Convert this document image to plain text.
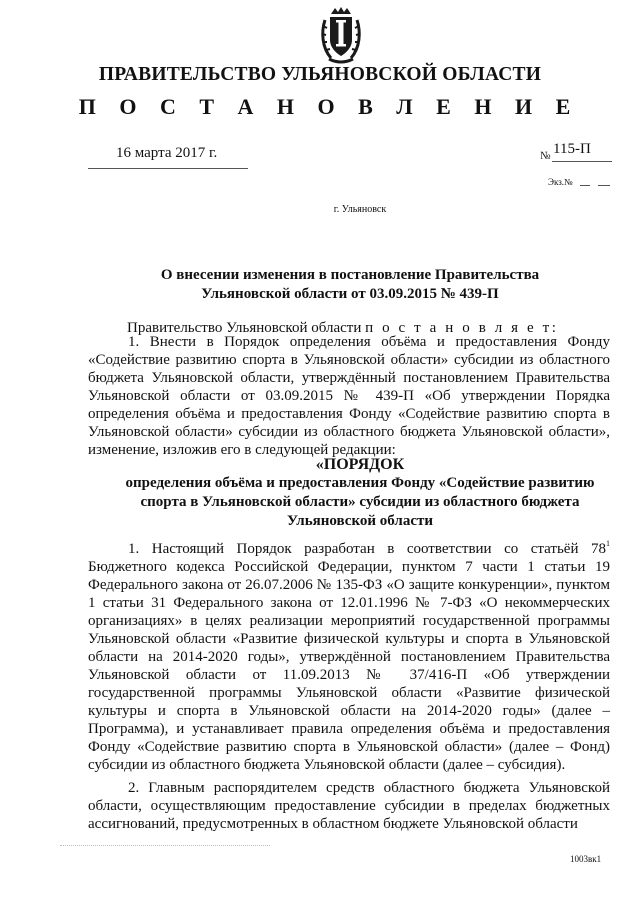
ПРАВИТЕЛЬСТВО УЛЬЯНОВСКОЙ ОБЛАСТИ
П О С Т А Н О В Л Е Н И Е
16 марта 2017 г.	№ 115-П
Экз.№
г. Ульяновск
О внесении изменения в постановление Правительства
Ульяновской области от 03.09.2015 № 439-П
Правительство Ульяновской области п о с т а н о в л я е т:
1. Внести в Порядок определения объёма и предоставления Фонду «Содействие развитию спорта в Ульяновской области» субсидии из областного бюджета Ульяновской области, утверждённый постановлением Правительства Ульяновской области от 03.09.2015 № 439-П «Об утверждении Порядка определения объёма и предоставления Фонду «Содействие развитию спорта в Ульяновской области» субсидии из областного бюджета Ульяновской области», изменение, изложив его в следующей редакции:
«ПОРЯДОК
определения объёма и предоставления Фонду «Содействие развитию
спорта в Ульяновской области» субсидии из областного бюджета
Ульяновской области
1. Настоящий Порядок разработан в соответствии со статьёй $78^1$ Бюджетного кодекса Российской Федерации, пунктом 7 части 1 статьи 19 Федерального закона от 26.07.2006 № 135-ФЗ «О защите конкуренции», пунктом 1 статьи 31 Федерального закона от 12.01.1996 № 7-ФЗ «О некоммерческих организациях» в целях реализации мероприятий государственной программы Ульяновской области «Развитие физической культуры и спорта в Ульяновской области на 2014-2020 годы», утверждённой постановлением Правительства Ульяновской области от 11.09.2013 № 37/416-П «Об утверждении государственной программы Ульяновской области «Развитие физической культуры и спорта в Ульяновской области на 2014-2020 годы» (далее – Программа), и устанавливает правила определения объёма и предоставления Фонду «Содействие развитию спорта в Ульяновской области» (далее – Фонд) субсидии из областного бюджета Ульяновской области (далее – субсидия).
2. Главным распорядителем средств областного бюджета Ульяновской области, осуществляющим предоставление субсидии в пределах бюджетных ассигнований, предусмотренных в областном бюджете Ульяновской области
1003вк1
